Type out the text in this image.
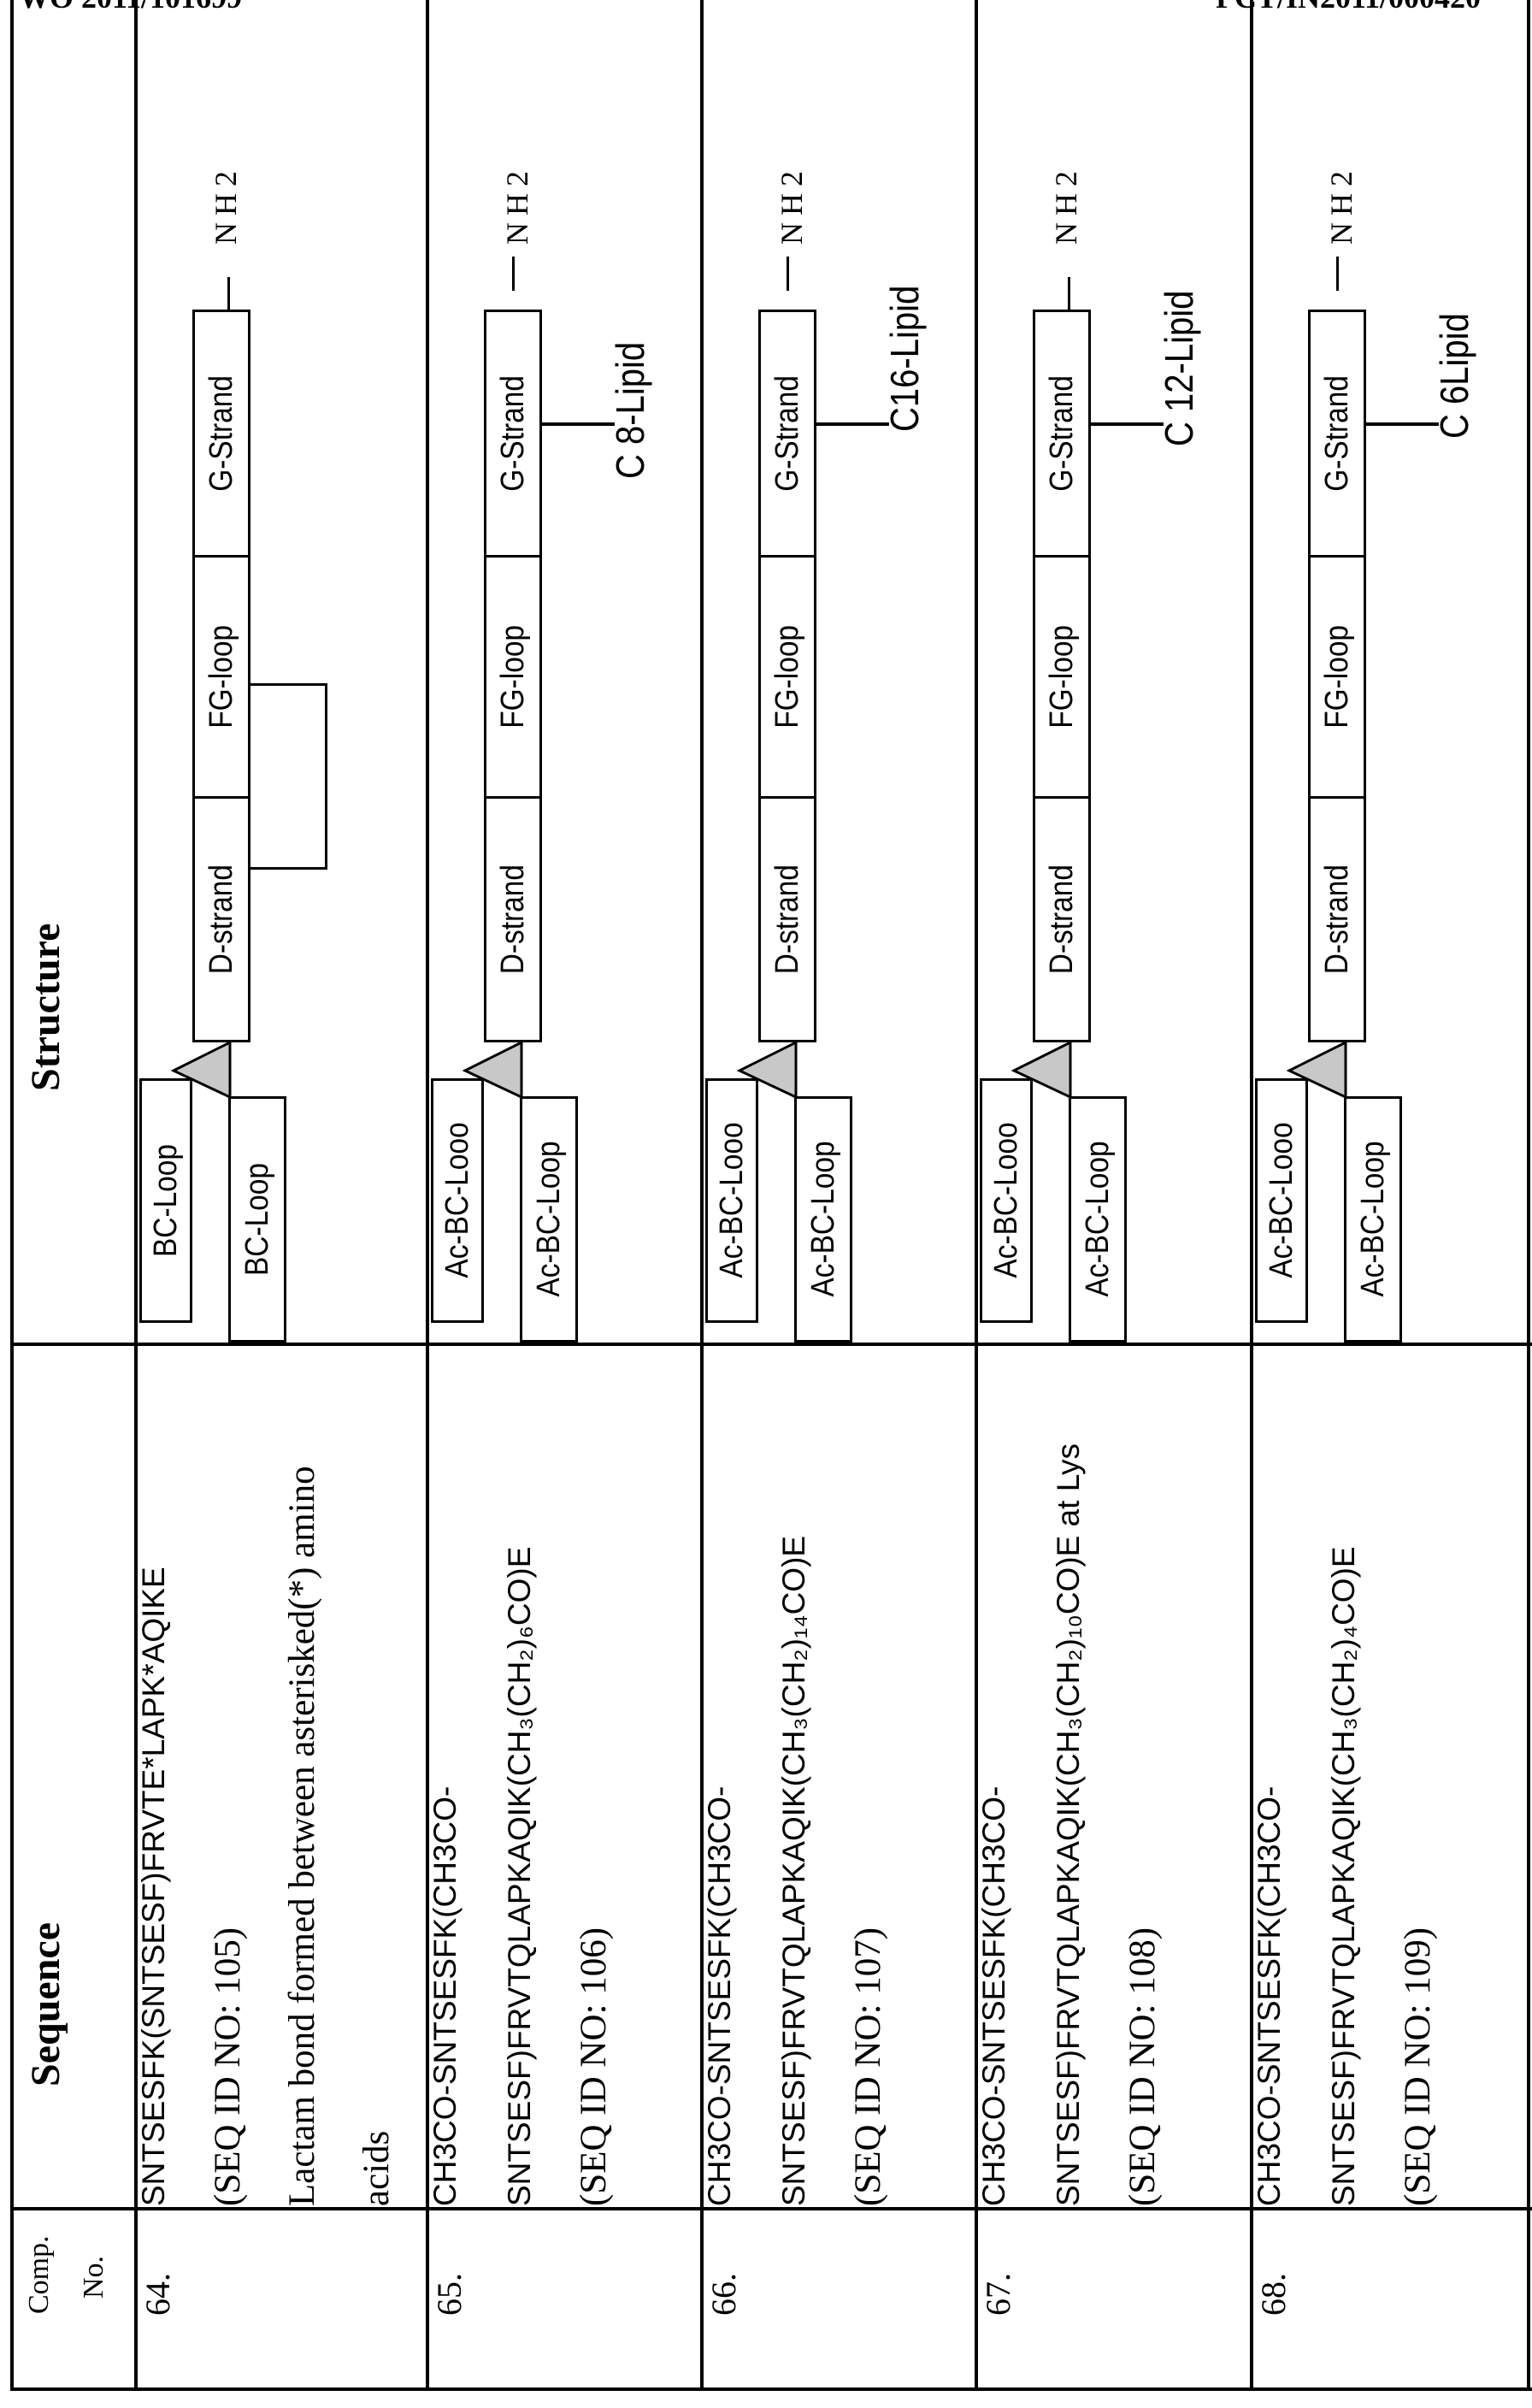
Comp. No.
Sequence
Structure
64.
SNTSESFK(SNTSESF)FRVTE*LAPK*AQIKE (SEQ ID NO: 105) Lactam bond formed between asterisked(*) amino acids
BC-Loop BC-Loop
D-strand
FG-loop
G-Strand
NH2
65.
CH3CO-SNTSESFK(CH3CO- SNTSESF)FRVTQLAPKAQIK(CH₃(CH₂)₆CO)E (SEQ ID NO: 106)
Ac-BC-Looo Ac-BC-Loop
D-strand
FG-loop
G-Strand
NH2
C 8-Lipid
66.
CH3CO-SNTSESFK(CH3CO- SNTSESF)FRVTQLAPKAQIK(CH₃(CH₂)₁₄CO)E (SEQ ID NO: 107)
Ac-BC-Looo Ac-BC-Loop
D-strand
FG-loop
G-Strand
NH2
C16-Lipid
67.
CH3CO-SNTSESFK(CH3CO- SNTSESF)FRVTQLAPKAQIK(CH₃(CH₂)₁₀CO)E at Lys (SEQ ID NO: 108)
Ac-BC-Looo Ac-BC-Loop
D-strand
FG-loop
G-Strand
NH2
C 12-Lipid
68.
CH3CO-SNTSESFK(CH3CO- SNTSESF)FRVTQLAPKAQIK(CH₃(CH₂)₄CO)E (SEQ ID NO: 109)
Ac-BC-Looo Ac-BC-Loop
D-strand
FG-loop
G-Strand
NH2
C 6Lipid
